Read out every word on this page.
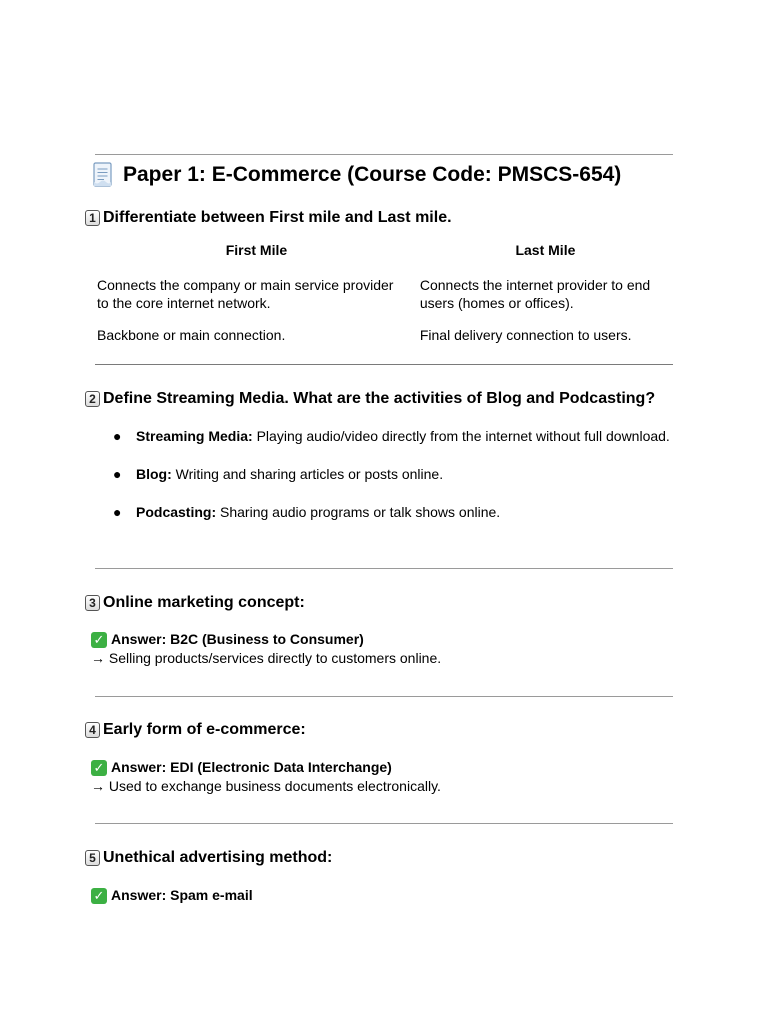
Paper 1: E-Commerce (Course Code: PMSCS-654)
1 Differentiate between First mile and Last mile.
First Mile	Last Mile
Connects the company or main service provider to the core internet network.	Connects the internet provider to end users (homes or offices).
Backbone or main connection.	Final delivery connection to users.
2 Define Streaming Media. What are the activities of Blog and Podcasting?
● Streaming Media: Playing audio/video directly from the internet without full download.
● Blog: Writing and sharing articles or posts online.
● Podcasting: Sharing audio programs or talk shows online.
3 Online marketing concept:
✓ Answer: B2C (Business to Consumer)
→ Selling products/services directly to customers online.
4 Early form of e-commerce:
✓ Answer: EDI (Electronic Data Interchange)
→ Used to exchange business documents electronically.
5 Unethical advertising method:
✓ Answer: Spam e-mail
